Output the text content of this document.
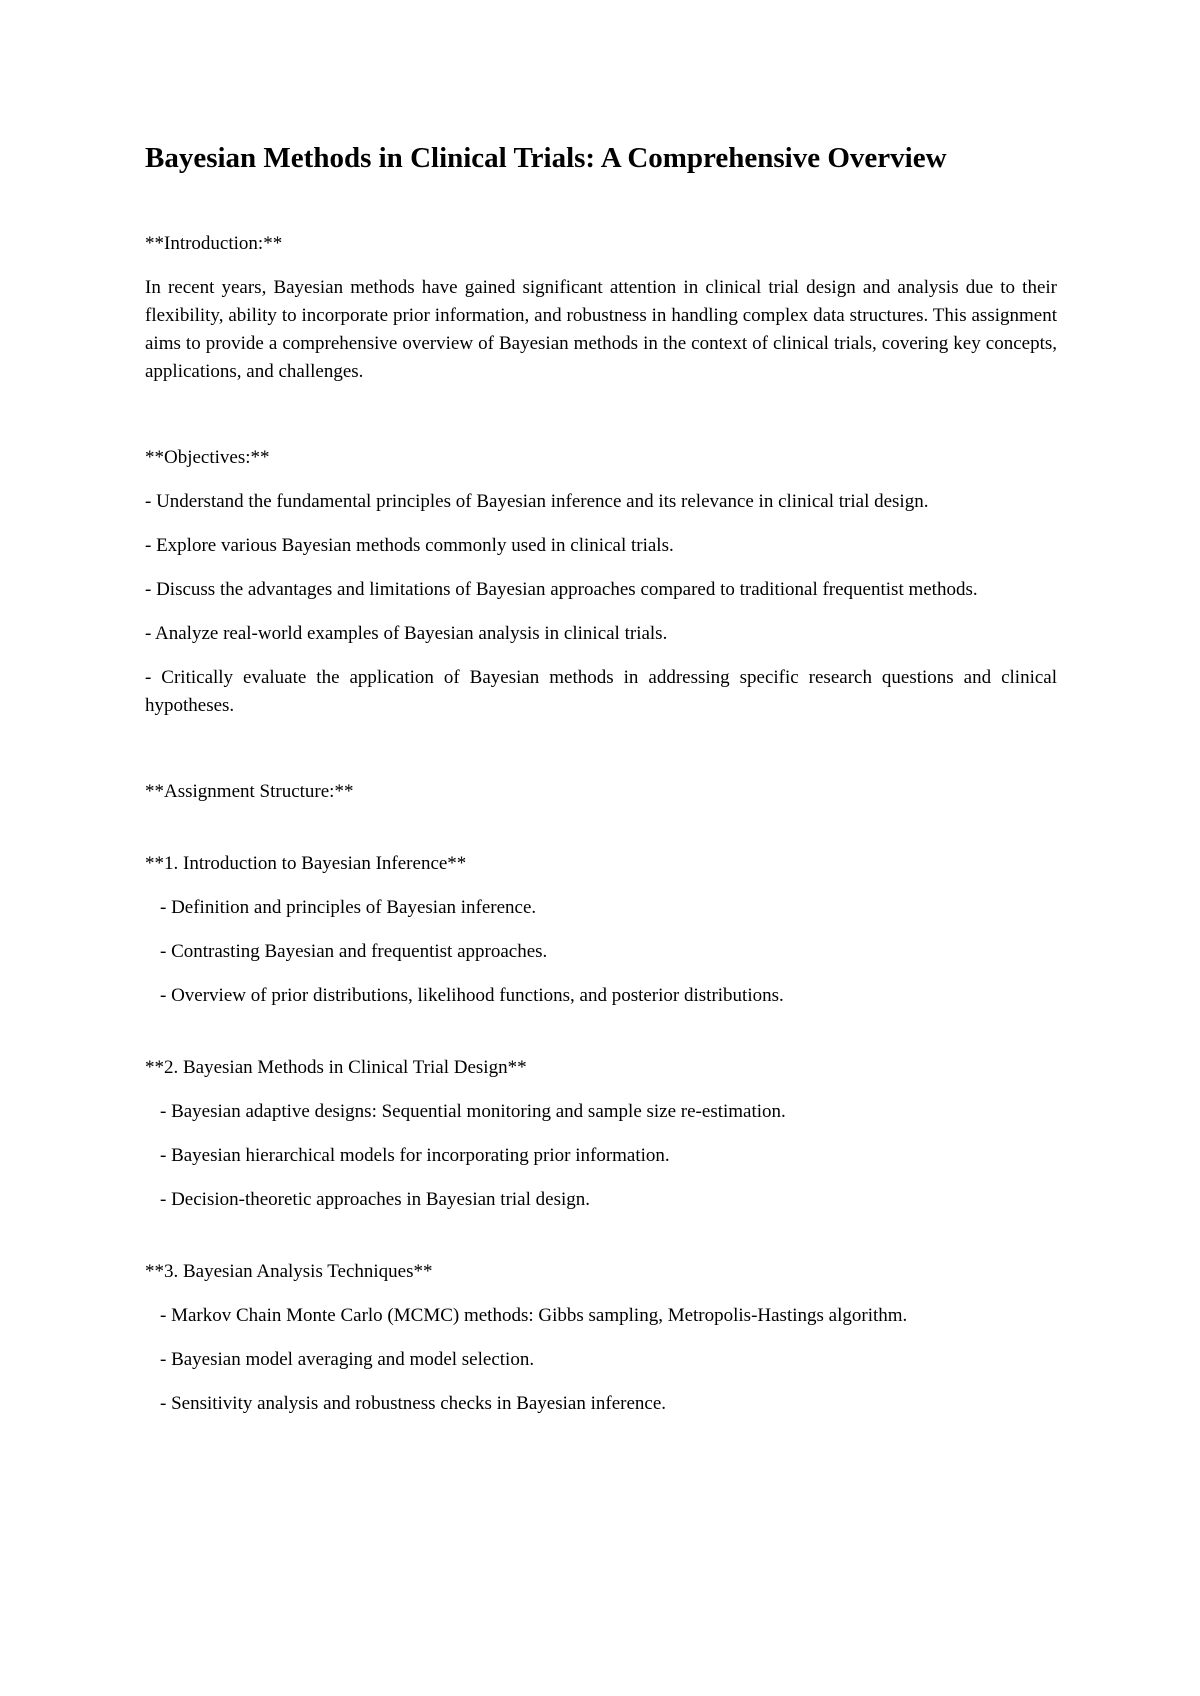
Bayesian Methods in Clinical Trials: A Comprehensive Overview

**Introduction:**

In recent years, Bayesian methods have gained significant attention in clinical trial design and analysis due to their flexibility, ability to incorporate prior information, and robustness in handling complex data structures. This assignment aims to provide a comprehensive overview of Bayesian methods in the context of clinical trials, covering key concepts, applications, and challenges.

**Objectives:**

- Understand the fundamental principles of Bayesian inference and its relevance in clinical trial design.

- Explore various Bayesian methods commonly used in clinical trials.

- Discuss the advantages and limitations of Bayesian approaches compared to traditional frequentist methods.

- Analyze real-world examples of Bayesian analysis in clinical trials.

- Critically evaluate the application of Bayesian methods in addressing specific research questions and clinical hypotheses.

**Assignment Structure:**

**1. Introduction to Bayesian Inference**

- Definition and principles of Bayesian inference.

- Contrasting Bayesian and frequentist approaches.

- Overview of prior distributions, likelihood functions, and posterior distributions.

**2. Bayesian Methods in Clinical Trial Design**

- Bayesian adaptive designs: Sequential monitoring and sample size re-estimation.

- Bayesian hierarchical models for incorporating prior information.

- Decision-theoretic approaches in Bayesian trial design.

**3. Bayesian Analysis Techniques**

- Markov Chain Monte Carlo (MCMC) methods: Gibbs sampling, Metropolis-Hastings algorithm.

- Bayesian model averaging and model selection.

- Sensitivity analysis and robustness checks in Bayesian inference.
